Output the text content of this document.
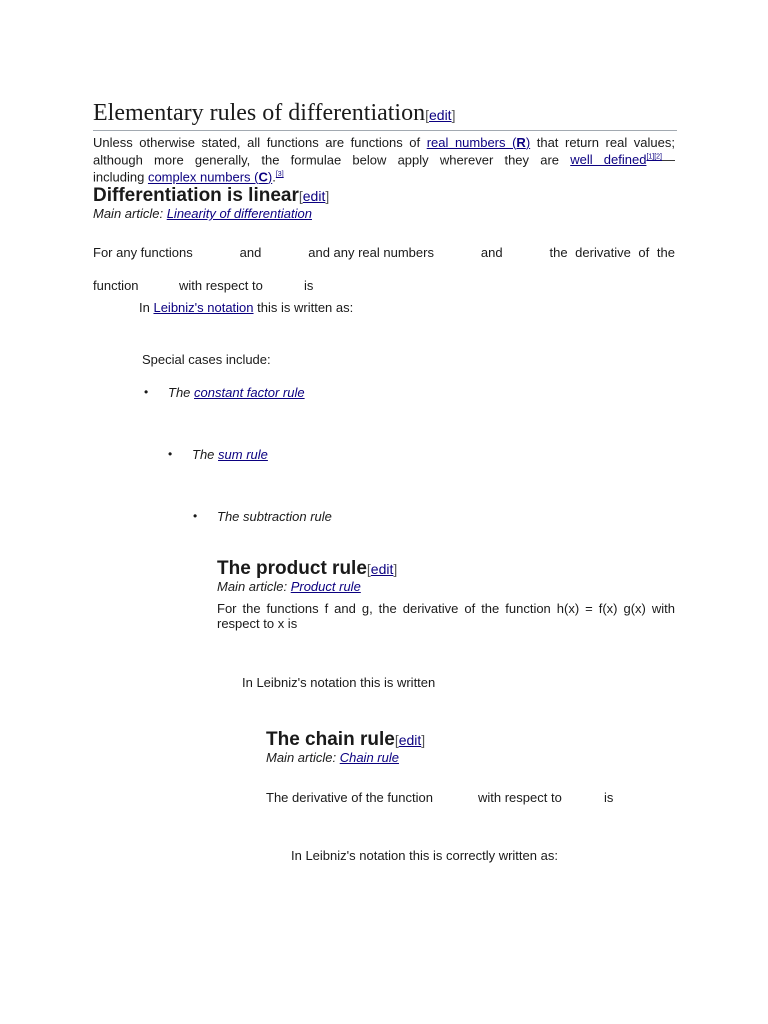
Elementary rules of differentiation[edit]
Unless otherwise stated, all functions are functions of real numbers (R) that return real values;
although more generally, the formulae below apply wherever they are well defined[1][2]—
including complex numbers (C).[3]
Differentiation is linear[edit]
Main article: Linearity of differentiation
For any functions	and	and any real numbers	and	the derivative of the
function	with respect to	is
In Leibniz's notation this is written as:
Special cases include:
• The constant factor rule
• The sum rule
• The subtraction rule
The product rule[edit]
Main article: Product rule
For the functions f and g, the derivative of the function h(x) = f(x) g(x) with
respect to x is
In Leibniz's notation this is written
The chain rule[edit]
Main article: Chain rule
The derivative of the function	with respect to	is
In Leibniz's notation this is correctly written as:
